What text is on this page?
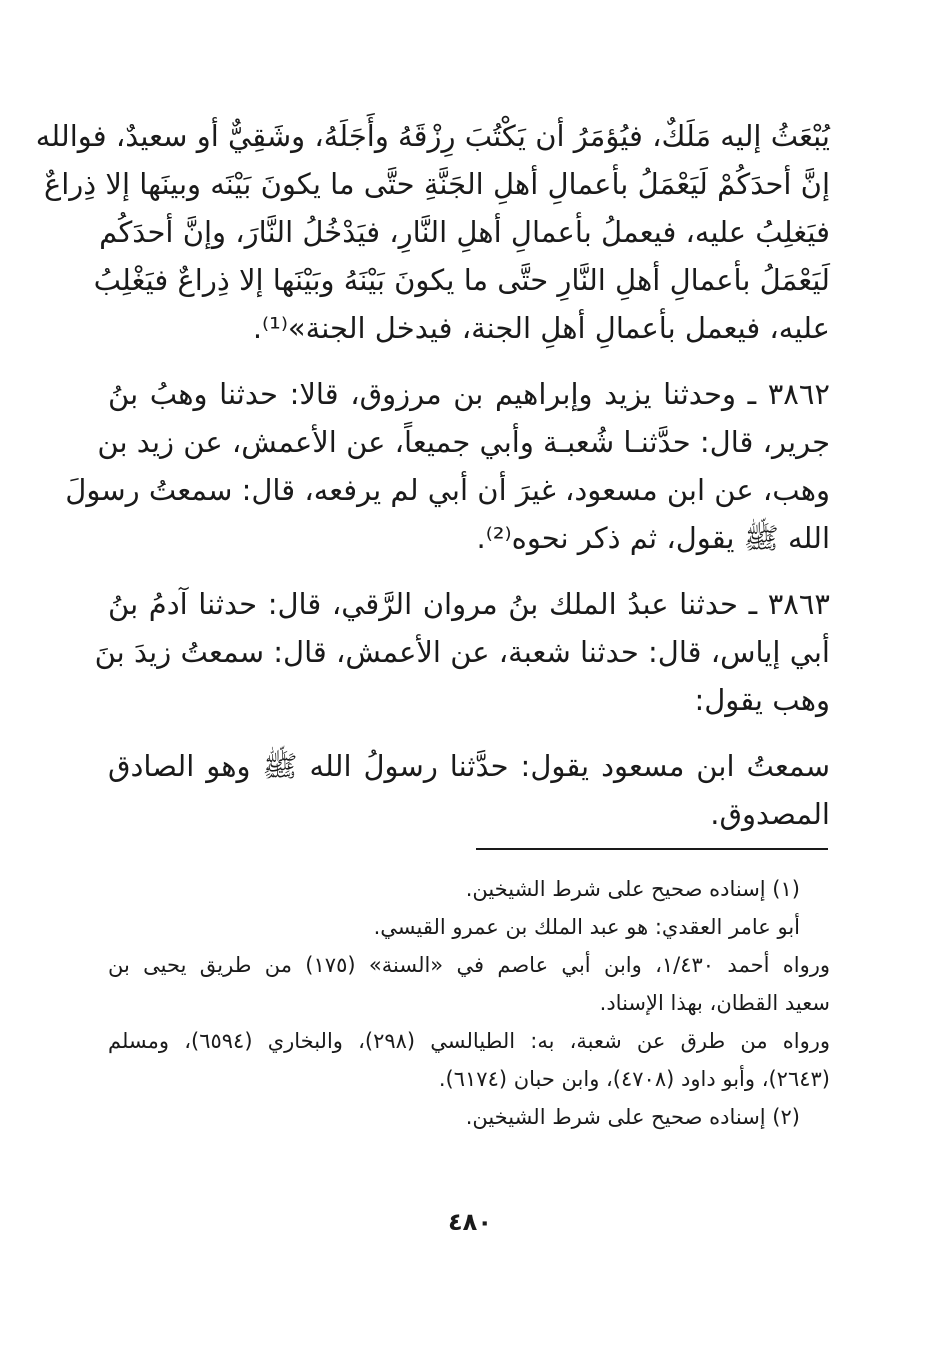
يُبْعَثُ إليه مَلَكٌ، فيُؤمَرُ أن يَكْتُبَ رِزْقَهُ وأَجَلَهُ، وشَقِيٌّ أو سعيدٌ، فوالله
إنَّ أحدَكُمْ لَيَعْمَلُ بأعمالِ أهلِ الجَنَّةِ حتَّى ما يكونَ بَيْنَه وبينَها إلا ذِراعٌ
فيَغلِبُ عليه، فيعملُ بأعمالِ أهلِ النَّارِ، فيَدْخُلُ النَّارَ، وإنَّ أحدَكُم
لَيَعْمَلُ بأعمالِ أهلِ النَّارِ حتَّى ما يكونَ بَيْنَهُ وبَيْنَها إلا ذِراعٌ فيَغْلِبُ
عليه، فيعمل بأعمالِ أهلِ الجنة، فيدخل الجنة»⁽¹⁾.
٣٨٦٢ ـ وحدثنا يزيد وإبراهيم بن مرزوق، قالا: حدثنا وهبُ بنُ
جرير، قال: حدَّثنـا شُعبـة وأبي جميعاً، عن الأعمش، عن زيد بن
وهب، عن ابن مسعود، غيرَ أن أبي لم يرفعه، قال: سمعتُ رسولَ
الله ﷺ يقول، ثم ذكر نحوه⁽²⁾.
٣٨٦٣ ـ حدثنا عبدُ الملك بنُ مروان الرَّقي، قال: حدثنا آدمُ بنُ
أبي إياس، قال: حدثنا شعبة، عن الأعمش، قال: سمعتُ زيدَ بنَ
وهب يقول:
سمعتُ ابن مسعود يقول: حدَّثنا رسولُ الله ﷺ وهو الصادق
المصدوق.
(١) إسناده صحيح على شرط الشيخين.
أبو عامر العقدي: هو عبد الملك بن عمرو القيسي.
ورواه أحمد ١/٤٣٠، وابن أبي عاصم في «السنة» (١٧٥) من طريق يحيى بن
سعيد القطان، بهذا الإسناد.
ورواه من طرق عن شعبة، به: الطيالسي (٢٩٨)، والبخاري (٦٥٩٤)، ومسلم
(٢٦٤٣)، وأبو داود (٤٧٠٨)، وابن حبان (٦١٧٤).
(٢) إسناده صحيح على شرط الشيخين.
٤٨٠
